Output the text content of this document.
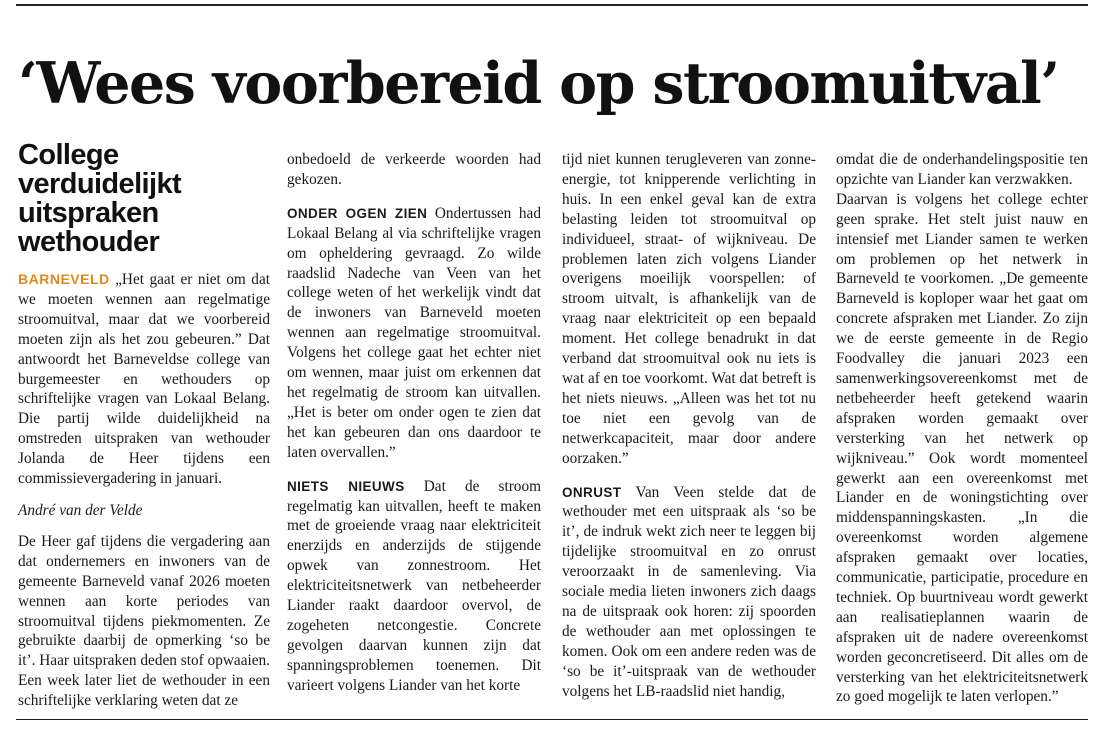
‘Wees voorbereid op stroomuitval’
College verduidelijkt uitspraken wethouder

BARNEVELD „Het gaat er niet om dat we moeten wennen aan regelmatige stroomuitval, maar dat we voorbereid moeten zijn als het zou gebeuren.” Dat antwoordt het Barneveldse college van burgemeester en wethouders op schriftelijke vragen van Lokaal Belang. Die partij wilde duidelijkheid na omstreden uitspraken van wethouder Jolanda de Heer tijdens een commissievergadering in januari.

André van der Velde

De Heer gaf tijdens die vergadering aan dat ondernemers en inwoners van de gemeente Barneveld vanaf 2026 moeten wennen aan korte periodes van stroomuitval tijdens piekmomenten. Ze gebruikte daarbij de opmerking ‘so be it’. Haar uitspraken deden stof opwaaien. Een week later liet de wethouder in een schriftelijke verklaring weten dat ze

onbedoeld de verkeerde woorden had gekozen.

ONDER OGEN ZIEN Ondertussen had Lokaal Belang al via schriftelijke vragen om opheldering gevraagd. Zo wilde raadslid Nadeche van Veen van het college weten of het werkelijk vindt dat de inwoners van Barneveld moeten wennen aan regelmatige stroomuitval. Volgens het college gaat het echter niet om wennen, maar juist om erkennen dat het regelmatig de stroom kan uitvallen. „Het is beter om onder ogen te zien dat het kan gebeuren dan ons daardoor te laten overvallen.”

NIETS NIEUWS Dat de stroom regelmatig kan uitvallen, heeft te maken met de groeiende vraag naar elektriciteit enerzijds en anderzijds de stijgende opwek van zonnestroom. Het elektriciteitsnetwerk van netbeheerder Liander raakt daardoor overvol, de zogeheten netcongestie. Concrete gevolgen daarvan kunnen zijn dat spanningsproblemen toenemen. Dit varieert volgens Liander van het korte

tijd niet kunnen terugleveren van zonne-energie, tot knipperende verlichting in huis. In een enkel geval kan de extra belasting leiden tot stroomuitval op individueel, straat- of wijkniveau. De problemen laten zich volgens Liander overigens moeilijk voorspellen: of stroom uitvalt, is afhankelijk van de vraag naar elektriciteit op een bepaald moment. Het college benadrukt in dat verband dat stroomuitval ook nu iets is wat af en toe voorkomt. Wat dat betreft is het niets nieuws. „Alleen was het tot nu toe niet een gevolg van de netwerkcapaciteit, maar door andere oorzaken.”

ONRUST Van Veen stelde dat de wethouder met een uitspraak als ‘so be it’, de indruk wekt zich neer te leggen bij tijdelijke stroomuitval en zo onrust veroorzaakt in de samenleving. Via sociale media lieten inwoners zich daags na de uitspraak ook horen: zij spoorden de wethouder aan met oplossingen te komen. Ook om een andere reden was de ‘so be it’-uitspraak van de wethouder volgens het LB-raadslid niet handig,

omdat die de onderhandelingspositie ten opzichte van Liander kan verzwakken.

Daarvan is volgens het college echter geen sprake. Het stelt juist nauw en intensief met Liander samen te werken om problemen op het netwerk in Barneveld te voorkomen. „De gemeente Barneveld is koploper waar het gaat om concrete afspraken met Liander. Zo zijn we de eerste gemeente in de Regio Foodvalley die januari 2023 een samenwerkingsovereenkomst met de netbeheerder heeft getekend waarin afspraken worden gemaakt over versterking van het netwerk op wijkniveau.” Ook wordt momenteel gewerkt aan een overeenkomst met Liander en de woningstichting over middenspanningskasten. „In die overeenkomst worden algemene afspraken gemaakt over locaties, communicatie, participatie, procedure en techniek. Op buurtniveau wordt gewerkt aan realisatieplannen waarin de afspraken uit de nadere overeenkomst worden geconcretiseerd. Dit alles om de versterking van het elektriciteitsnetwerk zo goed mogelijk te laten verlopen.”
